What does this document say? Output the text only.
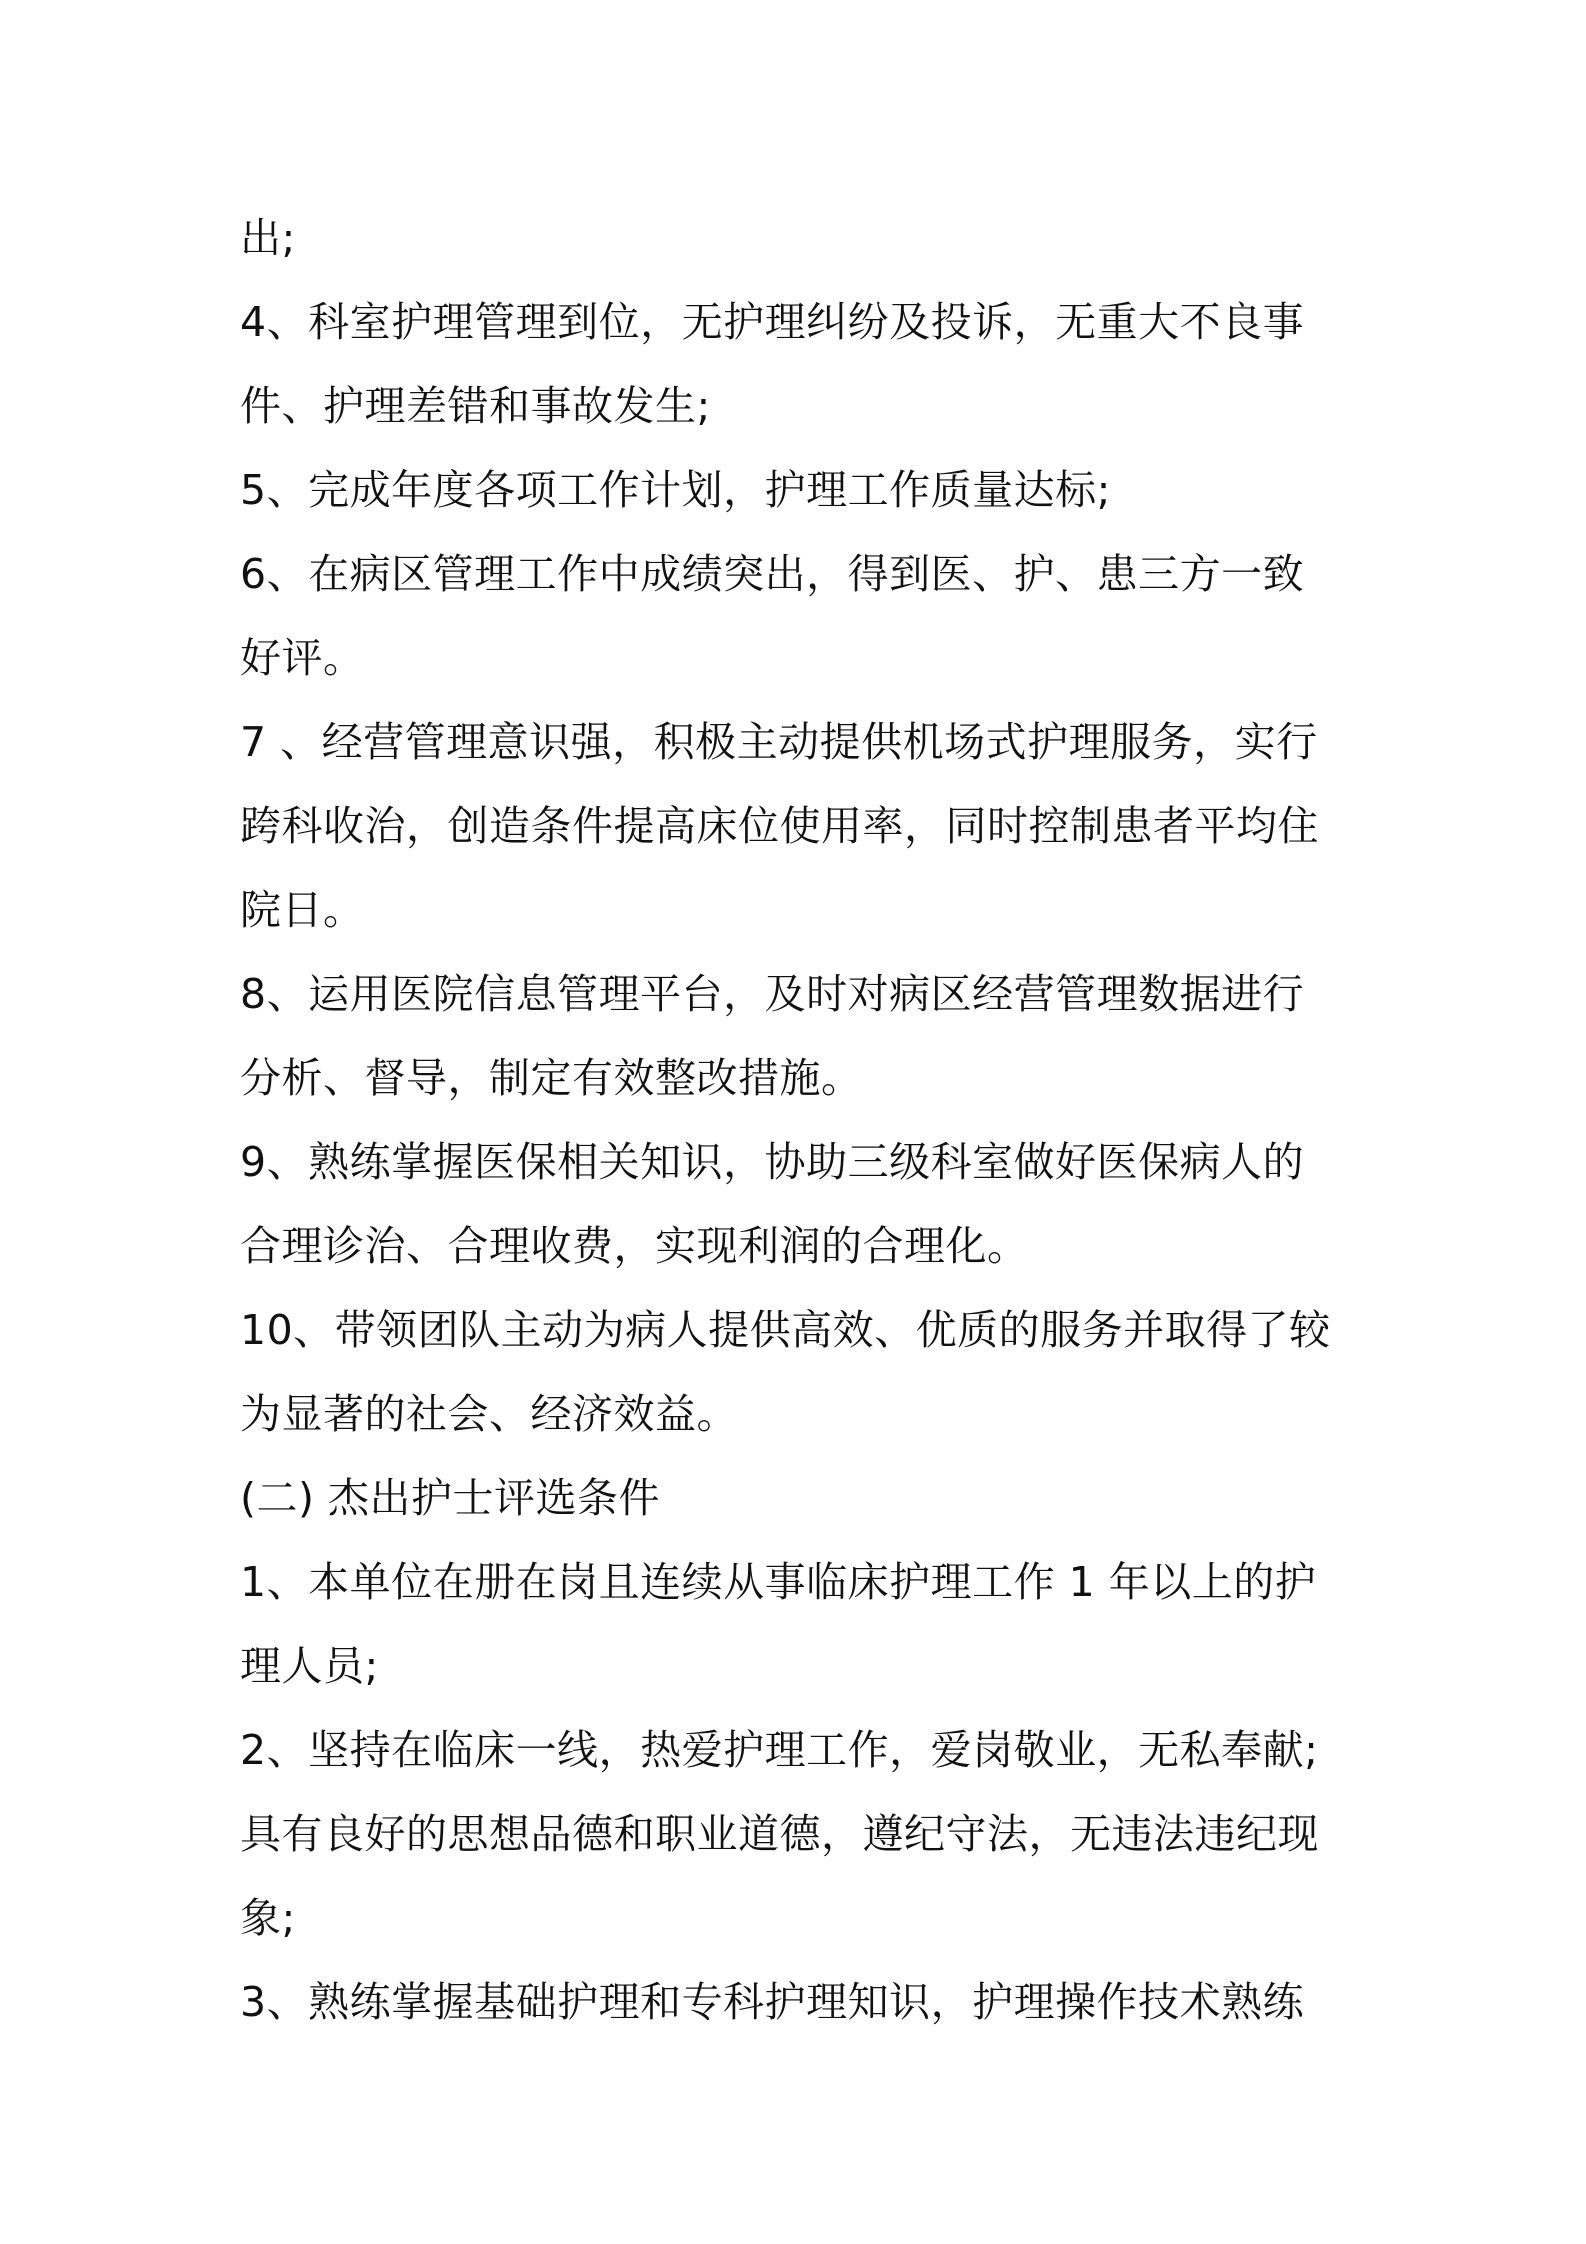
出;
4、科室护理管理到位，无护理纠纷及投诉，无重大不良事
件、护理差错和事故发生;
5、完成年度各项工作计划，护理工作质量达标;
6、在病区管理工作中成绩突出，得到医、护、患三方一致
好评。
7 、经营管理意识强，积极主动提供机场式护理服务，实行
跨科收治，创造条件提高床位使用率，同时控制患者平均住
院日。
8、运用医院信息管理平台，及时对病区经营管理数据进行
分析、督导，制定有效整改措施。
9、熟练掌握医保相关知识，协助三级科室做好医保病人的
合理诊治、合理收费，实现利润的合理化。
10、带领团队主动为病人提供高效、优质的服务并取得了较
为显著的社会、经济效益。
(二) 杰出护士评选条件
1、本单位在册在岗且连续从事临床护理工作 1 年以上的护
理人员;
2、坚持在临床一线，热爱护理工作，爱岗敬业，无私奉献;
具有良好的思想品德和职业道德，遵纪守法，无违法违纪现
象;
3、熟练掌握基础护理和专科护理知识，护理操作技术熟练
